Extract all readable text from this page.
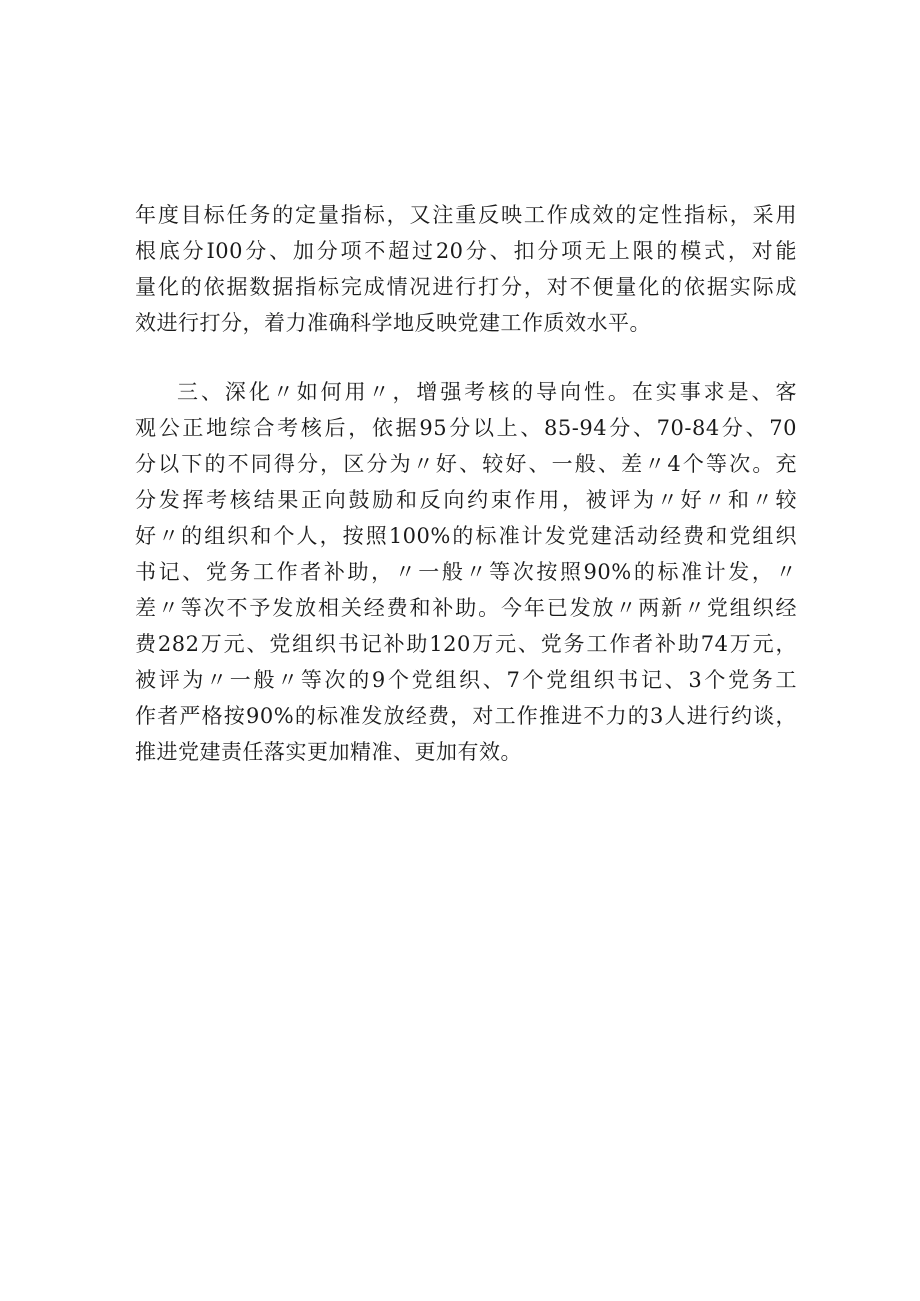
年度目标任务的定量指标，又注重反映工作成效的定性指标，采用
根底分I00分、加分项不超过20分、扣分项无上限的模式，对能
量化的依据数据指标完成情况进行打分，对不便量化的依据实际成
效进行打分，着力准确科学地反映党建工作质效水平。
三、深化〃如何用〃，增强考核的导向性。在实事求是、客
观公正地综合考核后，依据95分以上、85-94分、70-84分、70
分以下的不同得分，区分为〃好、较好、一般、差〃4个等次。充
分发挥考核结果正向鼓励和反向约束作用，被评为〃好〃和〃较
好〃的组织和个人，按照100%的标准计发党建活动经费和党组织
书记、党务工作者补助，〃一般〃等次按照90%的标准计发，〃
差〃等次不予发放相关经费和补助。今年已发放〃两新〃党组织经
费282万元、党组织书记补助120万元、党务工作者补助74万元，
被评为〃一般〃等次的9个党组织、7个党组织书记、3个党务工
作者严格按90%的标准发放经费，对工作推进不力的3人进行约谈，
推进党建责任落实更加精准、更加有效。
